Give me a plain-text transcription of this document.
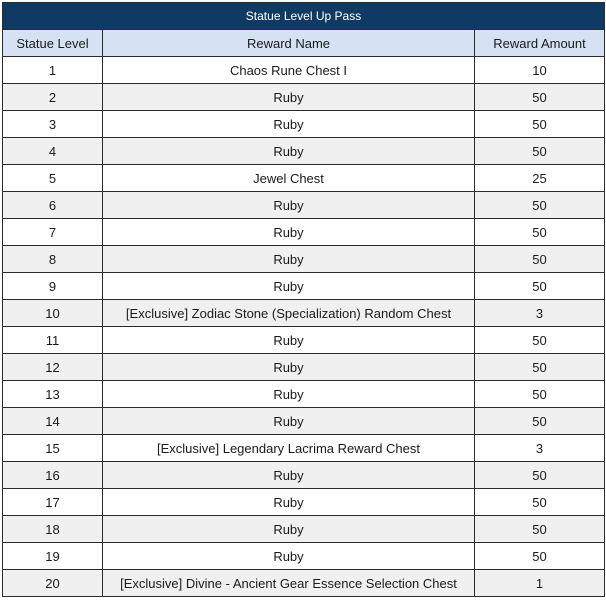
Statue Level Up Pass		
Statue Level	Reward Name	Reward Amount
1	Chaos Rune Chest I	10
2	Ruby	50
3	Ruby	50
4	Ruby	50
5	Jewel Chest	25
6	Ruby	50
7	Ruby	50
8	Ruby	50
9	Ruby	50
10	[Exclusive] Zodiac Stone (Specialization) Random Chest	3
11	Ruby	50
12	Ruby	50
13	Ruby	50
14	Ruby	50
15	[Exclusive] Legendary Lacrima Reward Chest	3
16	Ruby	50
17	Ruby	50
18	Ruby	50
19	Ruby	50
20	[Exclusive] Divine - Ancient Gear Essence Selection Chest	1
